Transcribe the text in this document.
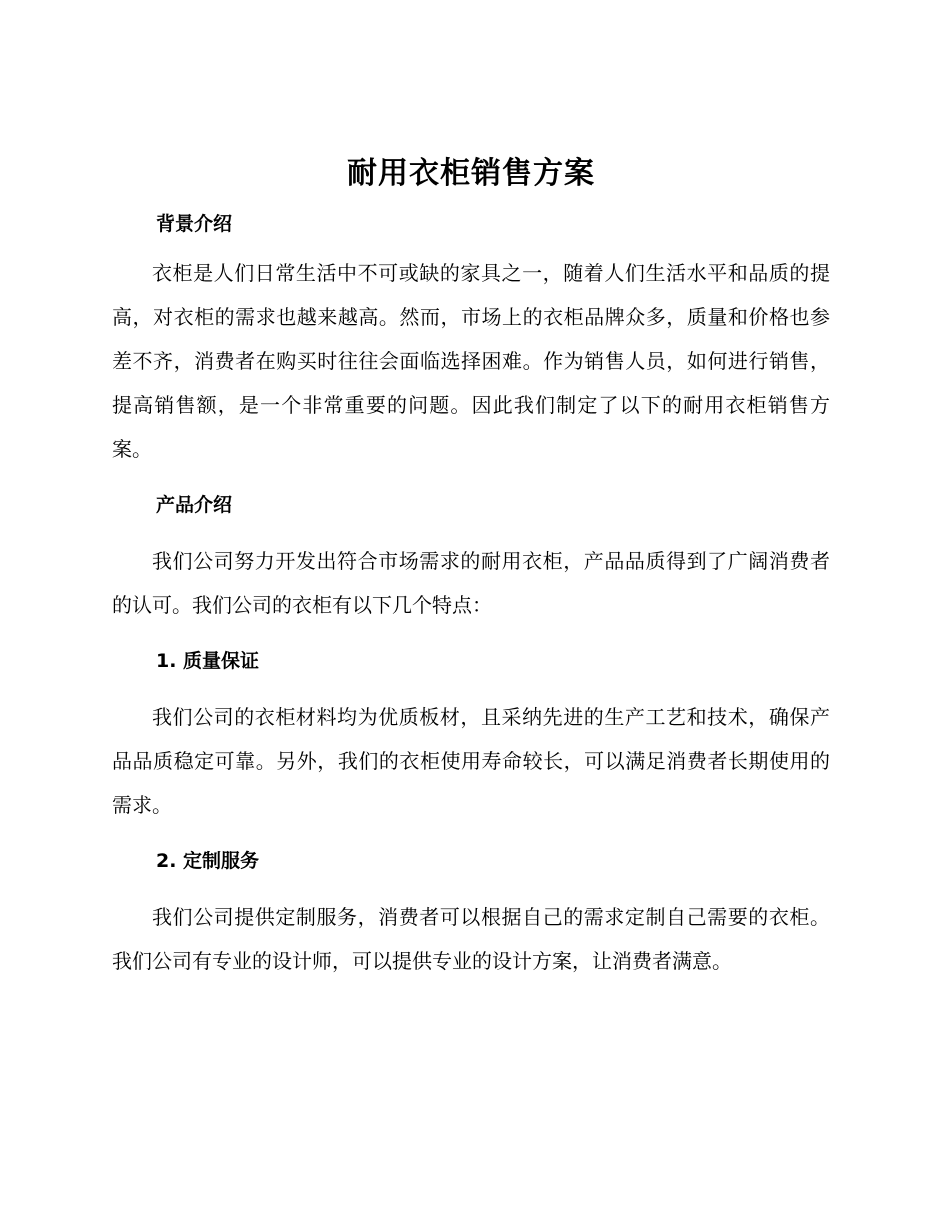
耐用衣柜销售方案
背景介绍

衣柜是人们日常生活中不可或缺的家具之一，随着人们生活水平和品质的提高，对衣柜的需求也越来越高。然而，市场上的衣柜品牌众多，质量和价格也参差不齐，消费者在购买时往往会面临选择困难。作为销售人员，如何进行销售，提高销售额，是一个非常重要的问题。因此我们制定了以下的耐用衣柜销售方案。

产品介绍

我们公司努力开发出符合市场需求的耐用衣柜，产品品质得到了广阔消费者的认可。我们公司的衣柜有以下几个特点：

1. 质量保证

我们公司的衣柜材料均为优质板材，且采纳先进的生产工艺和技术，确保产品品质稳定可靠。另外，我们的衣柜使用寿命较长，可以满足消费者长期使用的需求。

2. 定制服务

我们公司提供定制服务，消费者可以根据自己的需求定制自己需要的衣柜。我们公司有专业的设计师，可以提供专业的设计方案，让消费者满意。
